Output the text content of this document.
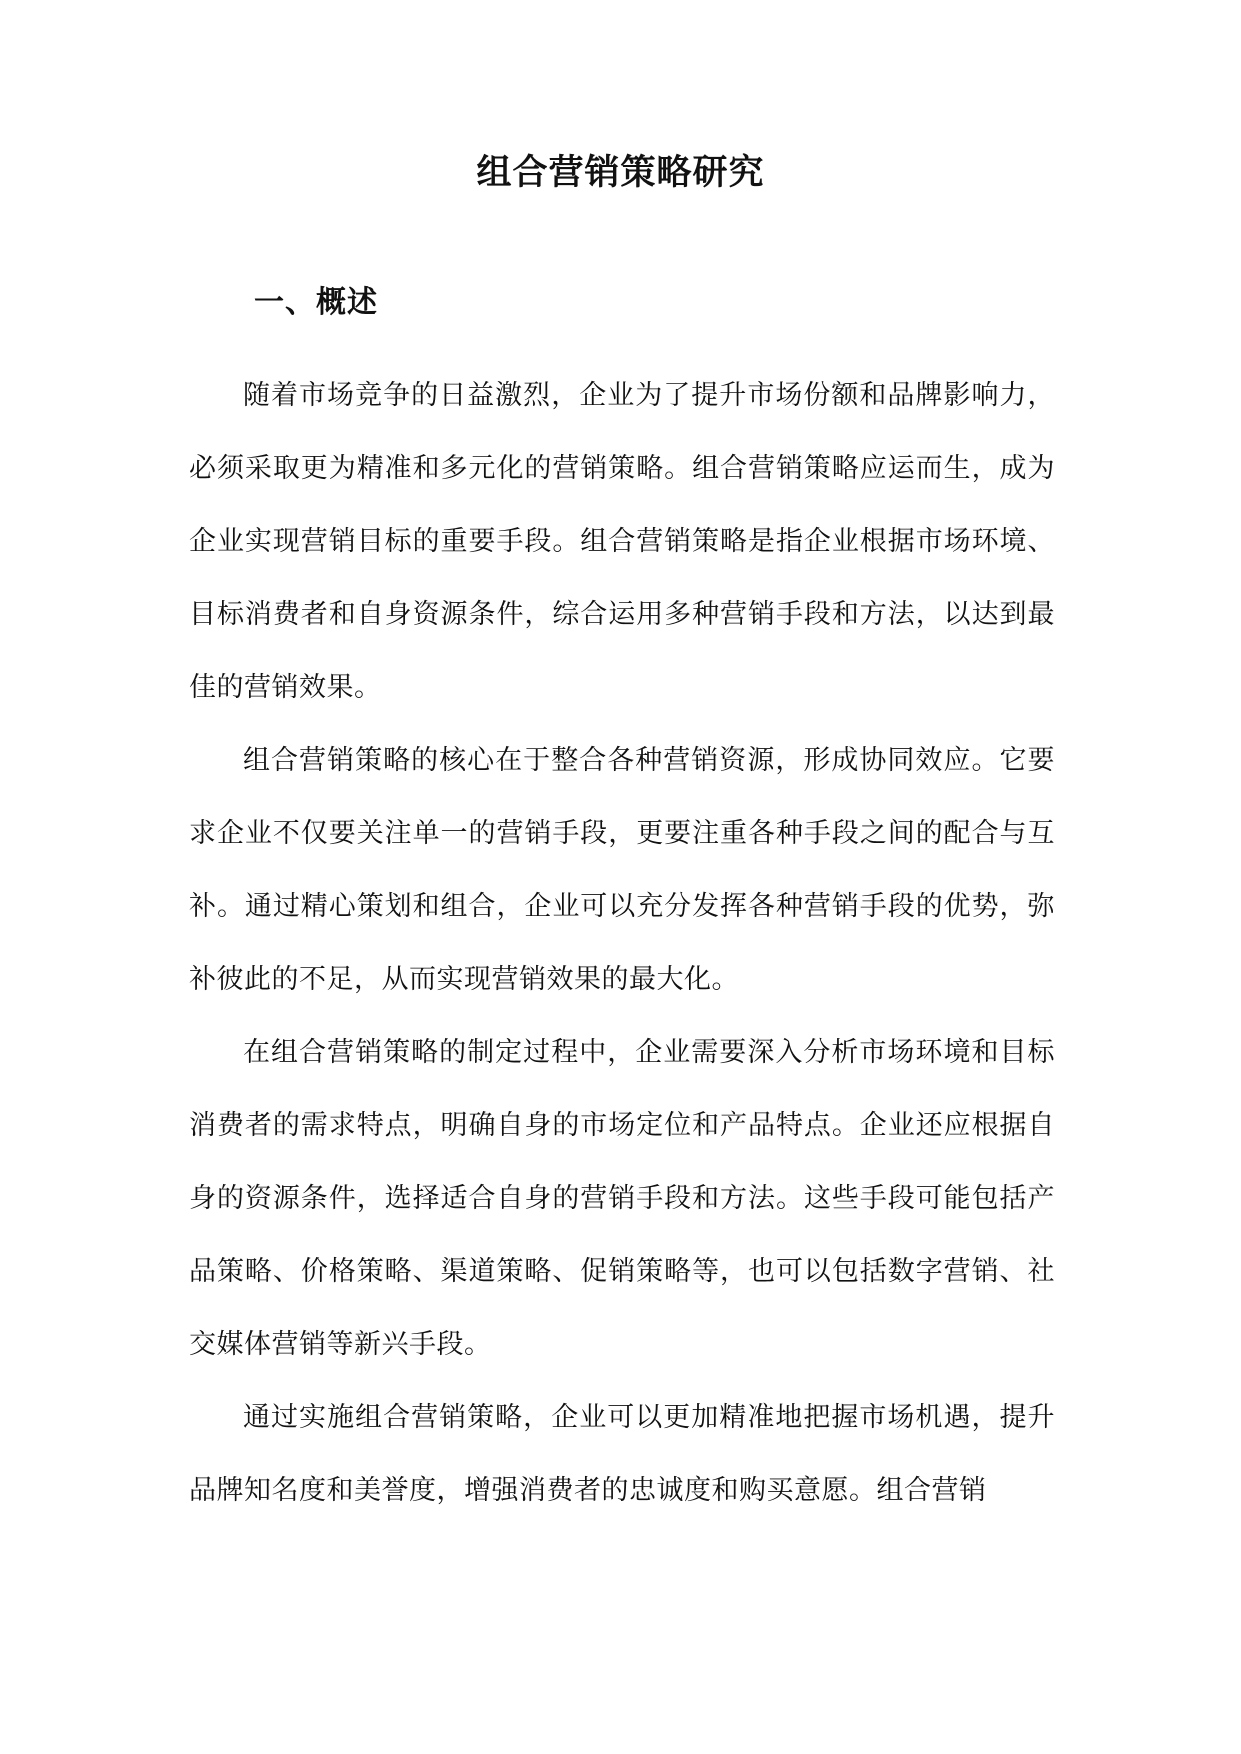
组合营销策略研究
一、概述

随着市场竞争的日益激烈，企业为了提升市场份额和品牌影响力，必须采取更为精准和多元化的营销策略。组合营销策略应运而生，成为企业实现营销目标的重要手段。组合营销策略是指企业根据市场环境、目标消费者和自身资源条件，综合运用多种营销手段和方法，以达到最佳的营销效果。

组合营销策略的核心在于整合各种营销资源，形成协同效应。它要求企业不仅要关注单一的营销手段，更要注重各种手段之间的配合与互补。通过精心策划和组合，企业可以充分发挥各种营销手段的优势，弥补彼此的不足，从而实现营销效果的最大化。

在组合营销策略的制定过程中，企业需要深入分析市场环境和目标消费者的需求特点，明确自身的市场定位和产品特点。企业还应根据自身的资源条件，选择适合自身的营销手段和方法。这些手段可能包括产品策略、价格策略、渠道策略、促销策略等，也可以包括数字营销、社交媒体营销等新兴手段。

通过实施组合营销策略，企业可以更加精准地把握市场机遇，提升品牌知名度和美誉度，增强消费者的忠诚度和购买意愿。组合营销
